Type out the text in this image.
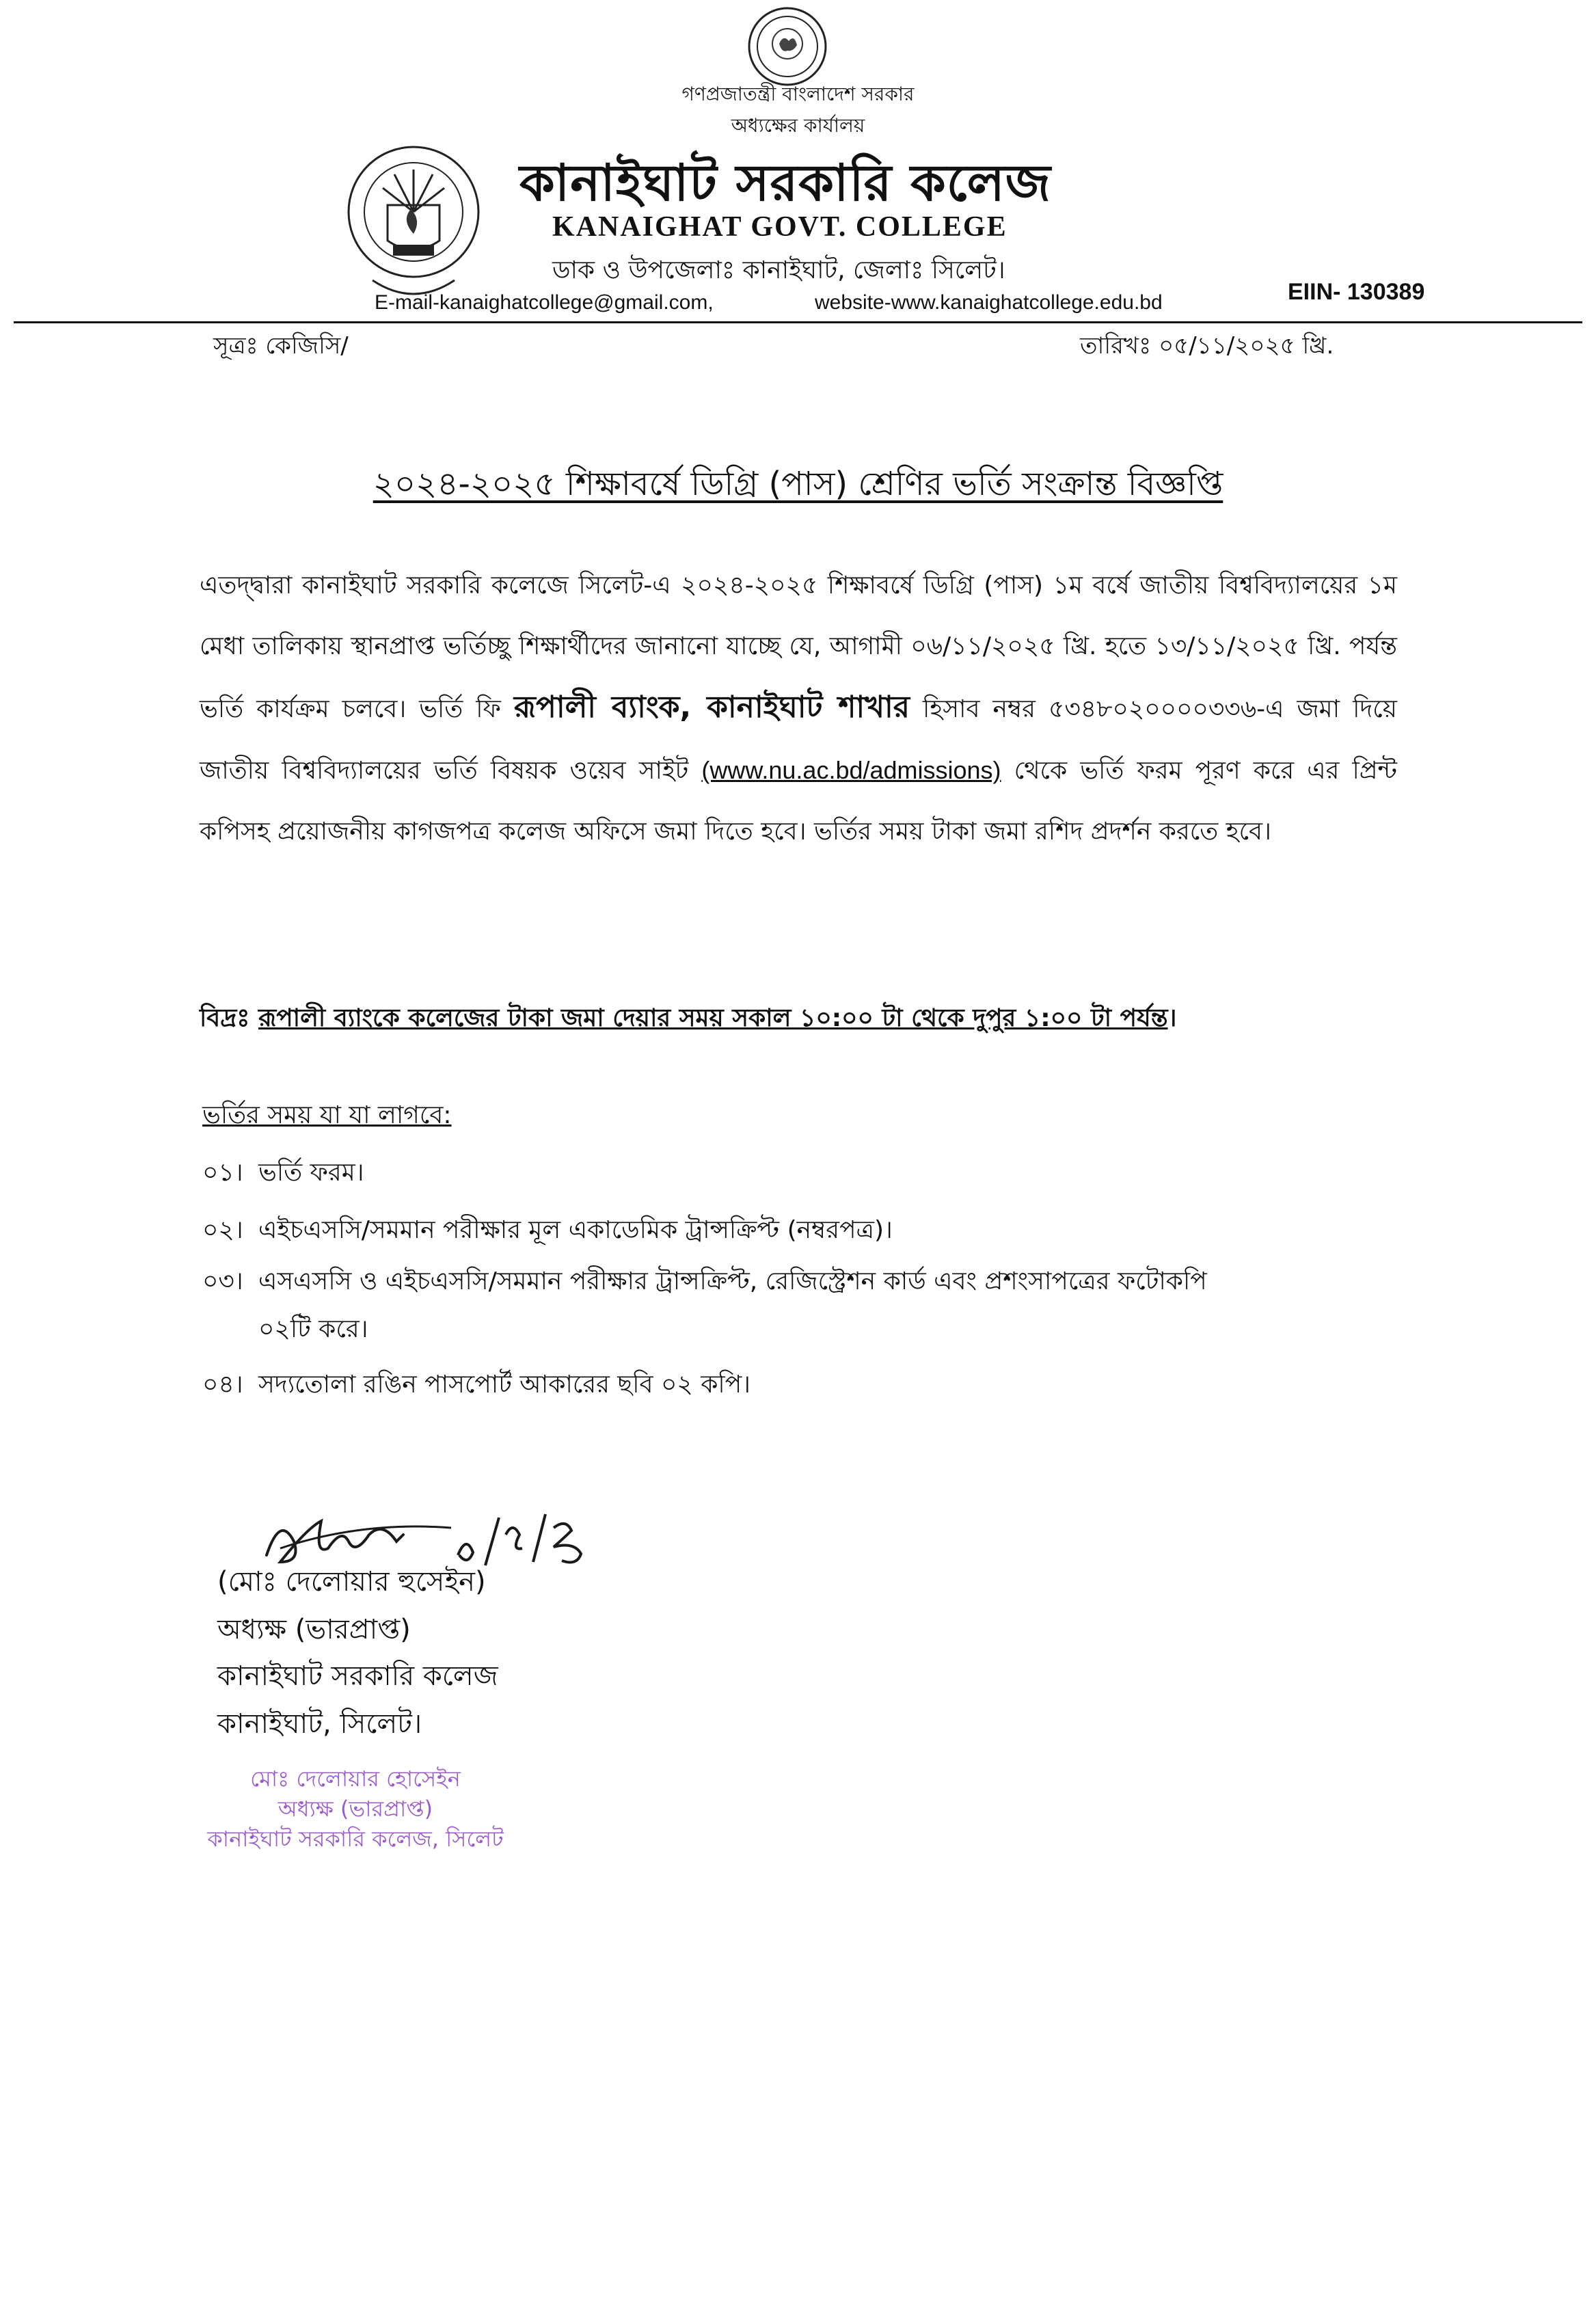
গণপ্রজাতন্ত্রী বাংলাদেশ সরকার
অধ্যক্ষের কার্যালয়
কানাইঘাট সরকারি কলেজ
KANAIGHAT GOVT. COLLEGE
ডাক ও উপজেলাঃ কানাইঘাট, জেলাঃ সিলেট।
E-mail-kanaighatcollege@gmail.com,	website-www.kanaighatcollege.edu.bd	EIIN- 130389
সূত্রঃ কেজিসি/	তারিখঃ ০৫/১১/২০২৫ খ্রি.
২০২৪-২০২৫ শিক্ষাবর্ষে ডিগ্রি (পাস) শ্রেণির ভর্তি সংক্রান্ত বিজ্ঞপ্তি
এতদ্দ্বারা কানাইঘাট সরকারি কলেজে সিলেট-এ ২০২৪-২০২৫ শিক্ষাবর্ষে ডিগ্রি (পাস) ১ম বর্ষে জাতীয় বিশ্ববিদ্যালয়ের ১ম মেধা তালিকায় স্থানপ্রাপ্ত ভর্তিচ্ছু শিক্ষার্থীদের জানানো যাচ্ছে যে, আগামী ০৬/১১/২০২৫ খ্রি. হতে ১৩/১১/২০২৫ খ্রি. পর্যন্ত ভর্তি কার্যক্রম চলবে। ভর্তি ফি রূপালী ব্যাংক, কানাইঘাট শাখার হিসাব নম্বর ৫৩৪৮০২০০০০৩৩৬-এ জমা দিয়ে জাতীয় বিশ্ববিদ্যালয়ের ভর্তি বিষয়ক ওয়েব সাইট (www.nu.ac.bd/admissions) থেকে ভর্তি ফরম পূরণ করে এর প্রিন্ট কপিসহ প্রয়োজনীয় কাগজপত্র কলেজ অফিসে জমা দিতে হবে। ভর্তির সময় টাকা জমা রশিদ প্রদর্শন করতে হবে।
বিদ্রঃ রূপালী ব্যাংকে কলেজের টাকা জমা দেয়ার সময় সকাল ১০:০০ টা থেকে দুপুর ১:০০ টা পর্যন্ত।
ভর্তির সময় যা যা লাগবে:
০১। ভর্তি ফরম।
০২। এইচএসসি/সমমান পরীক্ষার মূল একাডেমিক ট্রান্সক্রিপ্ট (নম্বরপত্র)।
০৩। এসএসসি ও এইচএসসি/সমমান পরীক্ষার ট্রান্সক্রিপ্ট, রেজিস্ট্রেশন কার্ড এবং প্রশংসাপত্রের ফটোকপি
০২টি করে।
০৪। সদ্যতোলা রঙিন পাসপোর্ট আকারের ছবি ০২ কপি।
(মোঃ দেলোয়ার হুসেইন)
অধ্যক্ষ (ভারপ্রাপ্ত)
কানাইঘাট সরকারি কলেজ
কানাইঘাট, সিলেট।
মোঃ দেলোয়ার হোসেইন
অধ্যক্ষ (ভারপ্রাপ্ত)
কানাইঘাট সরকারি কলেজ, সিলেট
